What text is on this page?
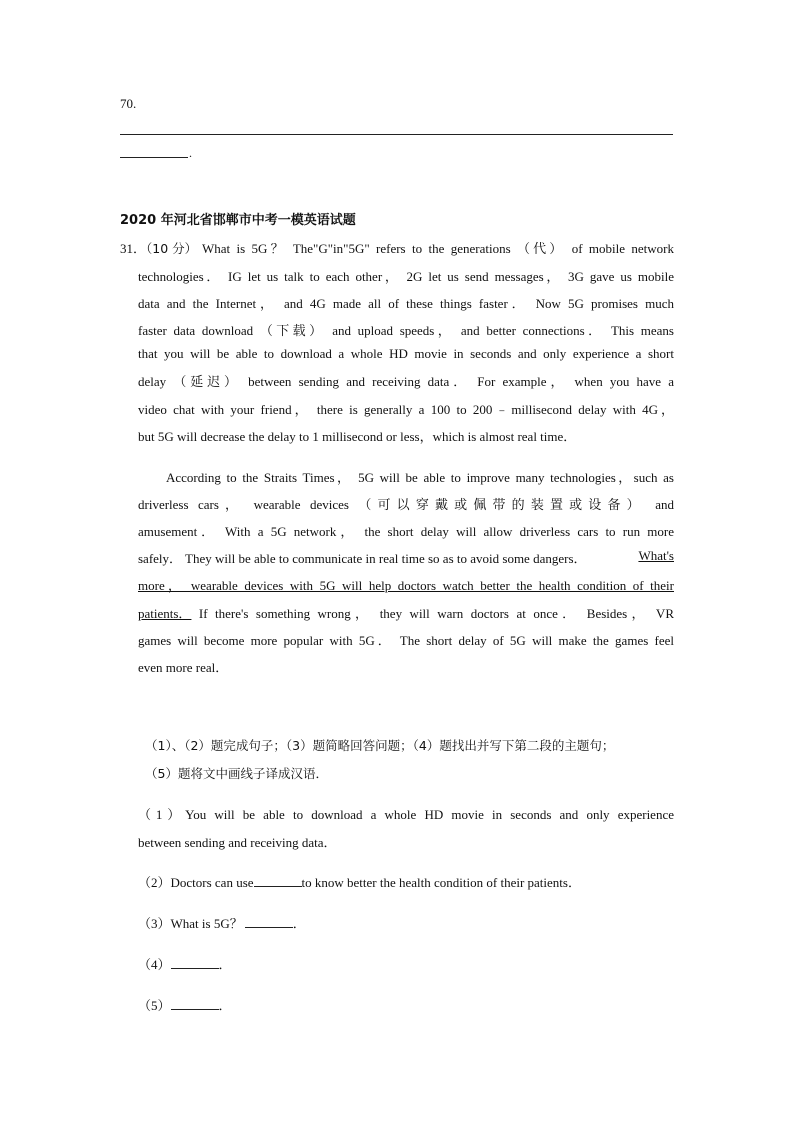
70.
.
2020 年河北省邯郸市中考一模英语试题
31．（10 分） What is 5G？ The"G"in"5G" refers to the generations （代） of mobile network
technologies． IG let us talk to each other， 2G let us send messages， 3G gave us mobile
data and the Internet， and 4G made all of these things faster． Now 5G promises much
faster data download （下载） and upload speeds， and better connections． This means
that you will be able to download a whole HD movie in seconds and only experience a short
delay （延迟） between sending and receiving data． For example， when you have a
video chat with your friend， there is generally a 100 to 200﹣millisecond delay with 4G，
but 5G will decrease the delay to 1 millisecond or less，which is almost real time．
According to the Straits Times， 5G will be able to improve many technologies，such as
driverless cars， wearable devices （可以穿戴或佩带的装置或设备） and
amusement． With a 5G network， the short delay will allow driverless cars to run more
safely． They will be able to communicate in real time so as to avoid some dangers．	What's
more， wearable devices with 5G will help doctors watch better the health condition of their
patients． If there's something wrong， they will warn doctors at once． Besides， VR
games will become more popular with 5G． The short delay of 5G will make the games feel
even more real．
（1）、（2）题完成句子；（3）题简略回答问题；（4）题找出并写下第二段的主题句；
（5）题将文中画线子译成汉语．
（1）You will be able to download a whole HD movie in seconds and only experience
between sending and receiving data．
（2）Doctors can use	to know better the health condition of their patients．
（3）What is 5G？	．
（4）	．
（5）	．
